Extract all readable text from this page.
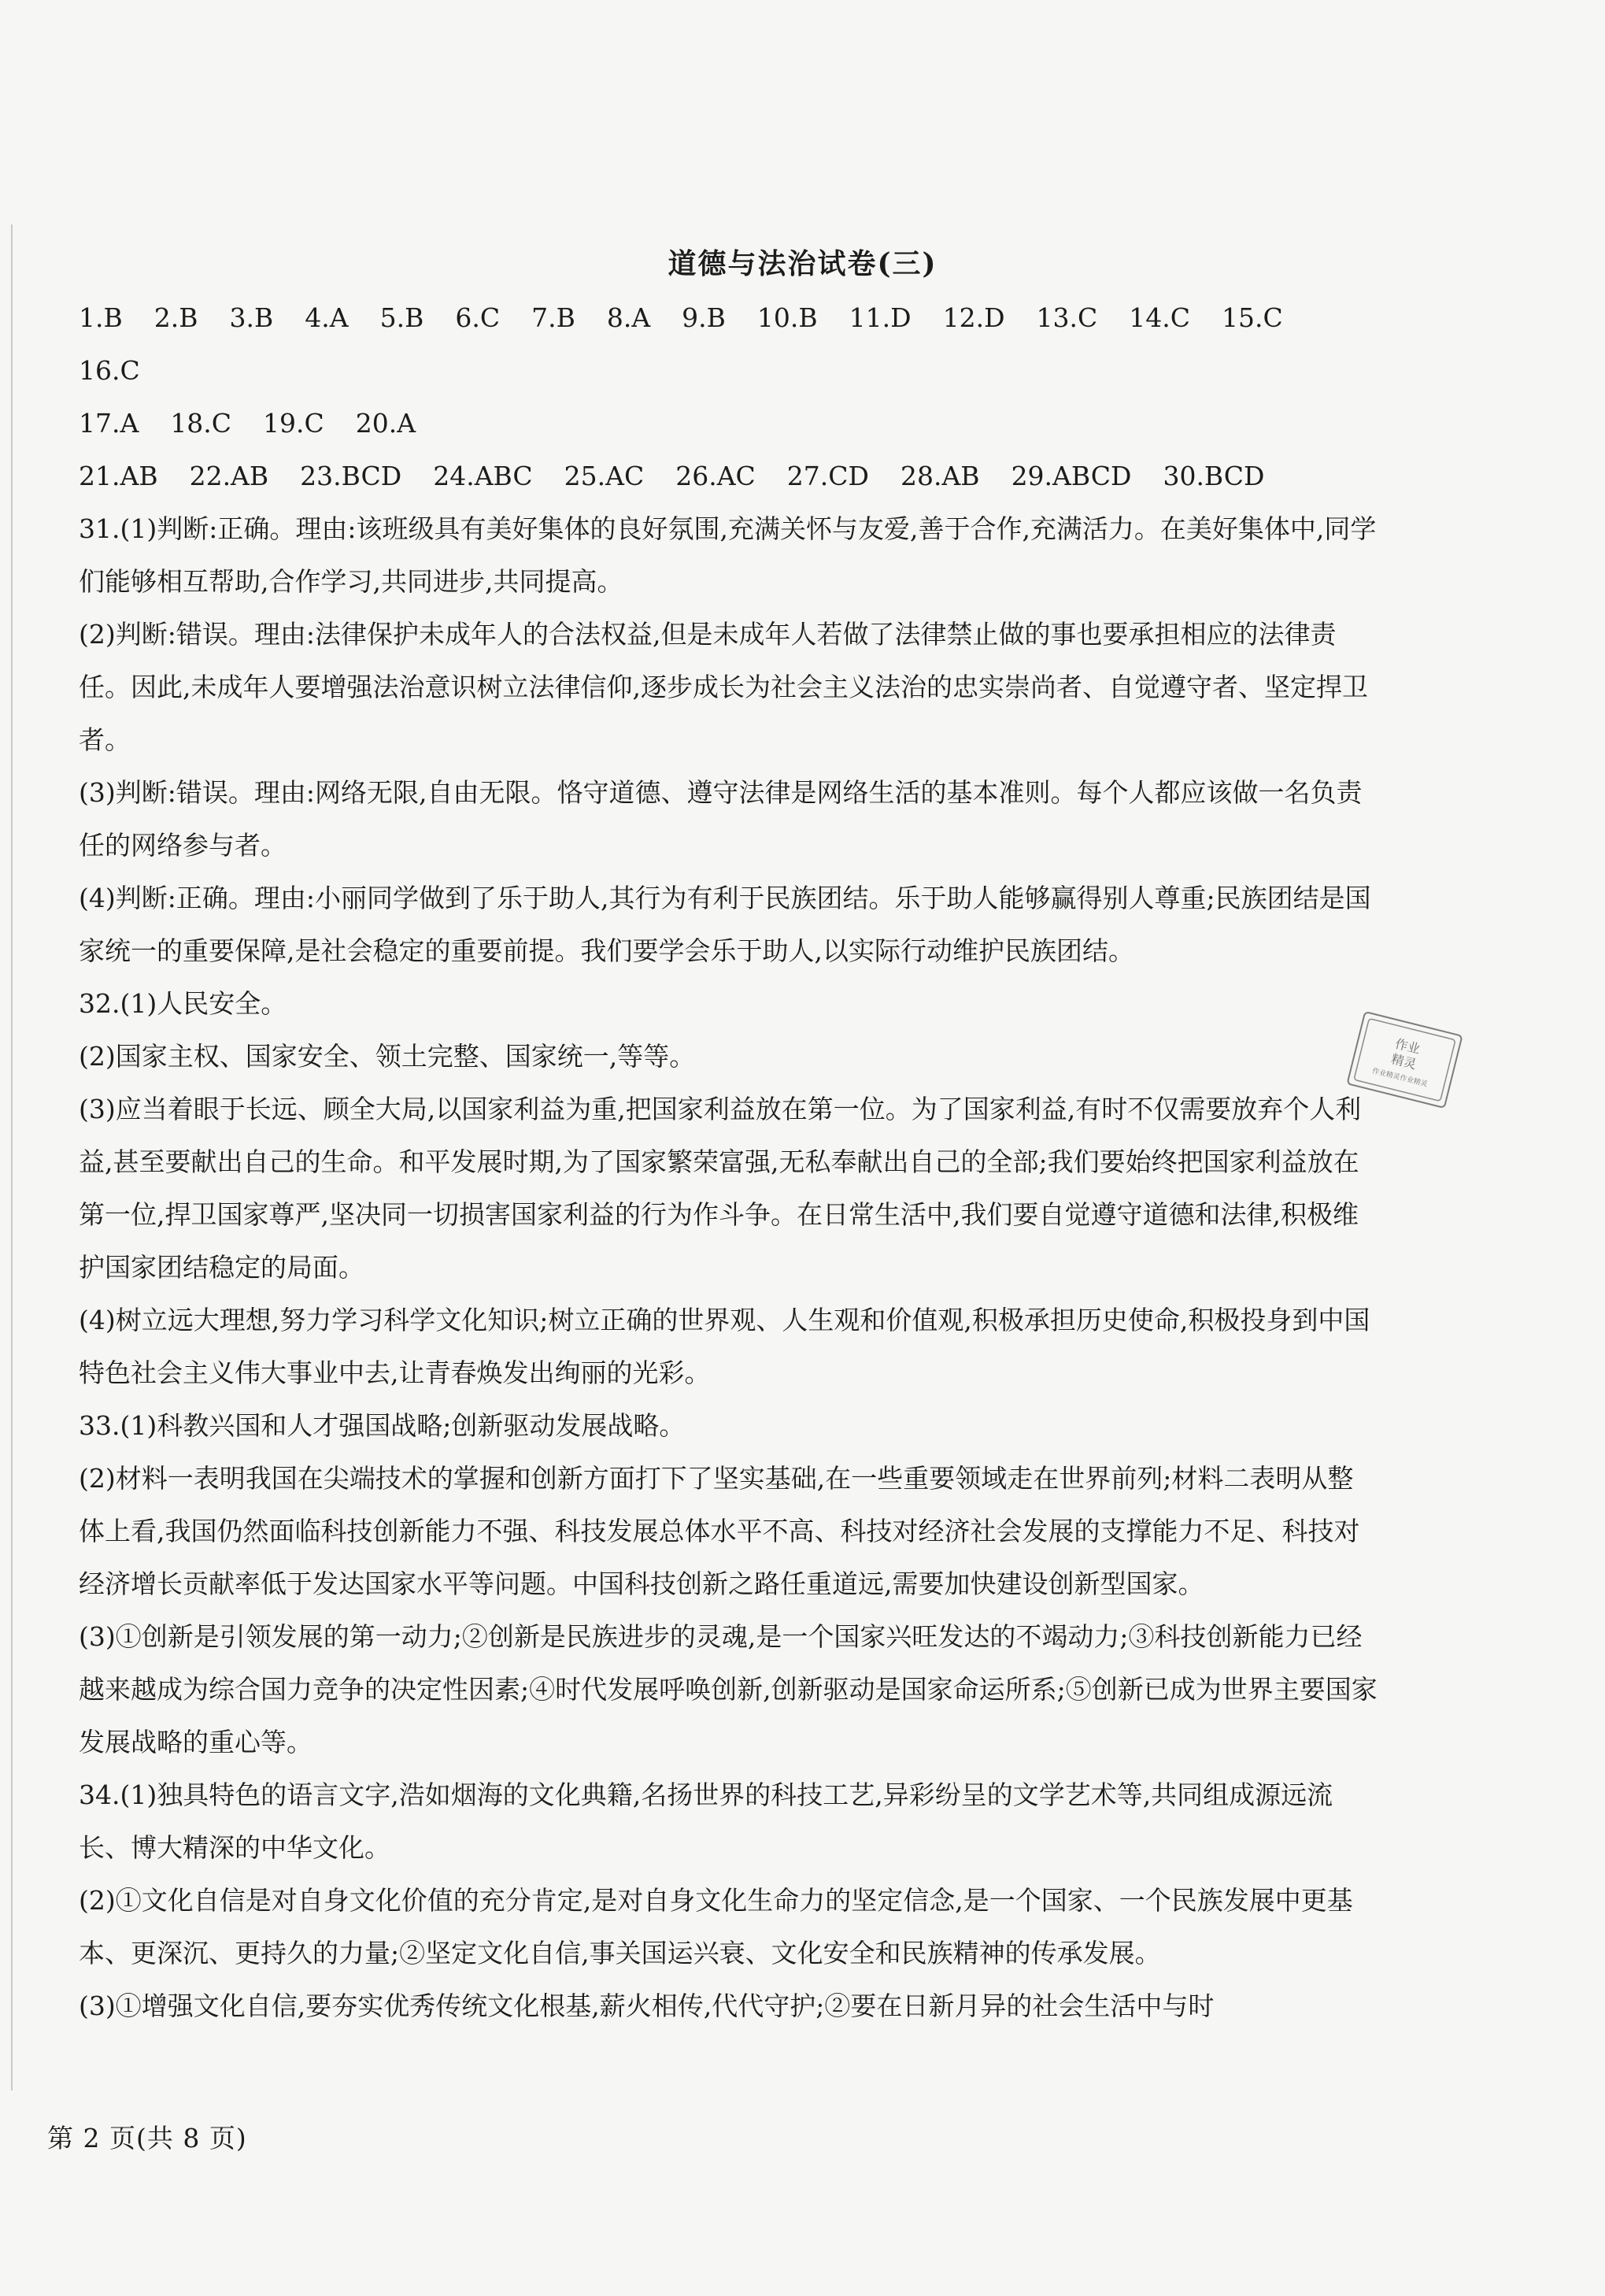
道德与法治试卷(三)
1.B 2.B 3.B 4.A 5.B 6.C 7.B 8.A 9.B 10.B 11.D 12.D 13.C 14.C 15.C
16.C
17.A 18.C 19.C 20.A
21.AB 22.AB 23.BCD 24.ABC 25.AC 26.AC 27.CD 28.AB 29.ABCD 30.BCD

31.(1)判断:正确。理由:该班级具有美好集体的良好氛围,充满关怀与友爱,善于合作,充满活力。在美好集体中,同学们能够相互帮助,合作学习,共同进步,共同提高。

(2)判断:错误。理由:法律保护未成年人的合法权益,但是未成年人若做了法律禁止做的事也要承担相应的法律责任。因此,未成年人要增强法治意识树立法律信仰,逐步成长为社会主义法治的忠实崇尚者、自觉遵守者、坚定捍卫者。

(3)判断:错误。理由:网络无限,自由无限。恪守道德、遵守法律是网络生活的基本准则。每个人都应该做一名负责任的网络参与者。

(4)判断:正确。理由:小丽同学做到了乐于助人,其行为有利于民族团结。乐于助人能够赢得别人尊重;民族团结是国家统一的重要保障,是社会稳定的重要前提。我们要学会乐于助人,以实际行动维护民族团结。

32.(1)人民安全。

(2)国家主权、国家安全、领土完整、国家统一,等等。

(3)应当着眼于长远、顾全大局,以国家利益为重,把国家利益放在第一位。为了国家利益,有时不仅需要放弃个人利益,甚至要献出自己的生命。和平发展时期,为了国家繁荣富强,无私奉献出自己的全部;我们要始终把国家利益放在第一位,捍卫国家尊严,坚决同一切损害国家利益的行为作斗争。在日常生活中,我们要自觉遵守道德和法律,积极维护国家团结稳定的局面。

(4)树立远大理想,努力学习科学文化知识;树立正确的世界观、人生观和价值观,积极承担历史使命,积极投身到中国特色社会主义伟大事业中去,让青春焕发出绚丽的光彩。

33.(1)科教兴国和人才强国战略;创新驱动发展战略。

(2)材料一表明我国在尖端技术的掌握和创新方面打下了坚实基础,在一些重要领域走在世界前列;材料二表明从整体上看,我国仍然面临科技创新能力不强、科技发展总体水平不高、科技对经济社会发展的支撑能力不足、科技对经济增长贡献率低于发达国家水平等问题。中国科技创新之路任重道远,需要加快建设创新型国家。

(3)①创新是引领发展的第一动力;②创新是民族进步的灵魂,是一个国家兴旺发达的不竭动力;③科技创新能力已经越来越成为综合国力竞争的决定性因素;④时代发展呼唤创新,创新驱动是国家命运所系;⑤创新已成为世界主要国家发展战略的重心等。

34.(1)独具特色的语言文字,浩如烟海的文化典籍,名扬世界的科技工艺,异彩纷呈的文学艺术等,共同组成源远流长、博大精深的中华文化。

(2)①文化自信是对自身文化价值的充分肯定,是对自身文化生命力的坚定信念,是一个国家、一个民族发展中更基本、更深沉、更持久的力量;②坚定文化自信,事关国运兴衰、文化安全和民族精神的传承发展。

(3)①增强文化自信,要夯实优秀传统文化根基,薪火相传,代代守护;②要在日新月异的社会生活中与时

作业
精灵
作业精灵作业精灵
第 2 页(共 8 页)
